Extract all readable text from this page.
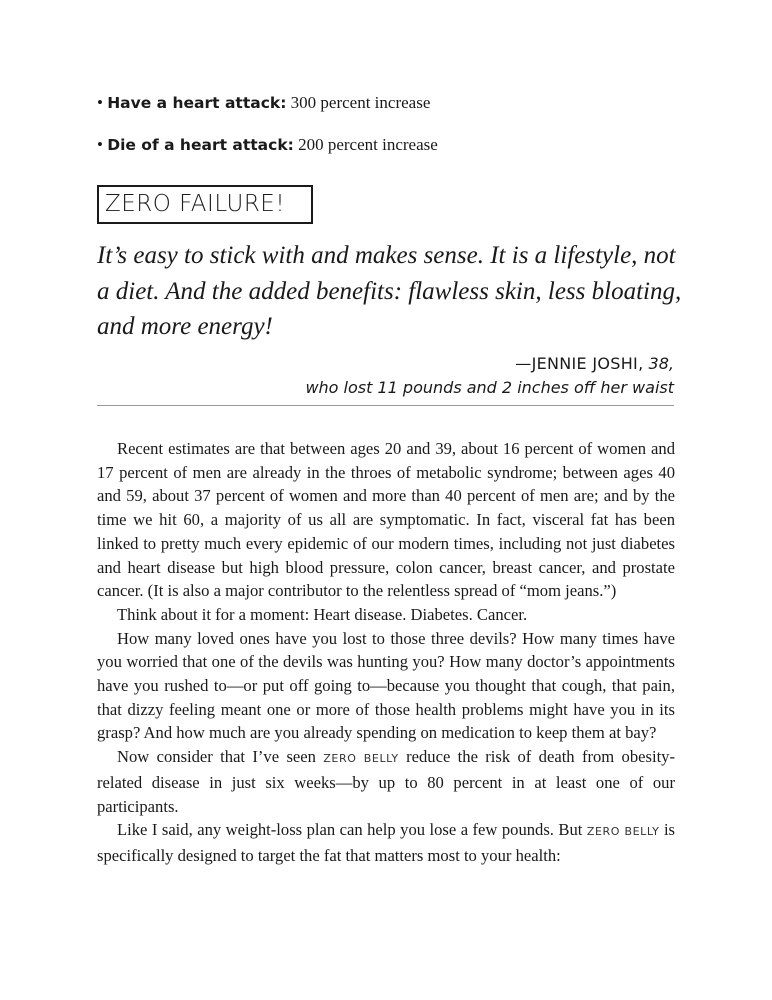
• Have a heart attack: 300 percent increase
• Die of a heart attack: 200 percent increase
ZERO FAILURE!
It’s easy to stick with and makes sense. It is a lifestyle, not a diet. And the added benefits: flawless skin, less bloating, and more energy!
—JENNIE JOSHI, 38,
who lost 11 pounds and 2 inches off her waist

Recent estimates are that between ages 20 and 39, about 16 percent of women and 17 percent of men are already in the throes of metabolic syndrome; between ages 40 and 59, about 37 percent of women and more than 40 percent of men are; and by the time we hit 60, a majority of us all are symptomatic. In fact, visceral fat has been linked to pretty much every epidemic of our modern times, including not just diabetes and heart disease but high blood pressure, colon cancer, breast cancer, and prostate cancer. (It is also a major contributor to the relentless spread of “mom jeans.”)

Think about it for a moment: Heart disease. Diabetes. Cancer.

How many loved ones have you lost to those three devils? How many times have you worried that one of the devils was hunting you? How many doctor’s appointments have you rushed to—or put off going to—because you thought that cough, that pain, that dizzy feeling meant one or more of those health problems might have you in its grasp? And how much are you already spending on medication to keep them at bay?

Now consider that I’ve seen ZERO BELLY reduce the risk of death from obesity-related disease in just six weeks—by up to 80 percent in at least one of our participants.

Like I said, any weight-loss plan can help you lose a few pounds. But ZERO BELLY is specifically designed to target the fat that matters most to your health:
